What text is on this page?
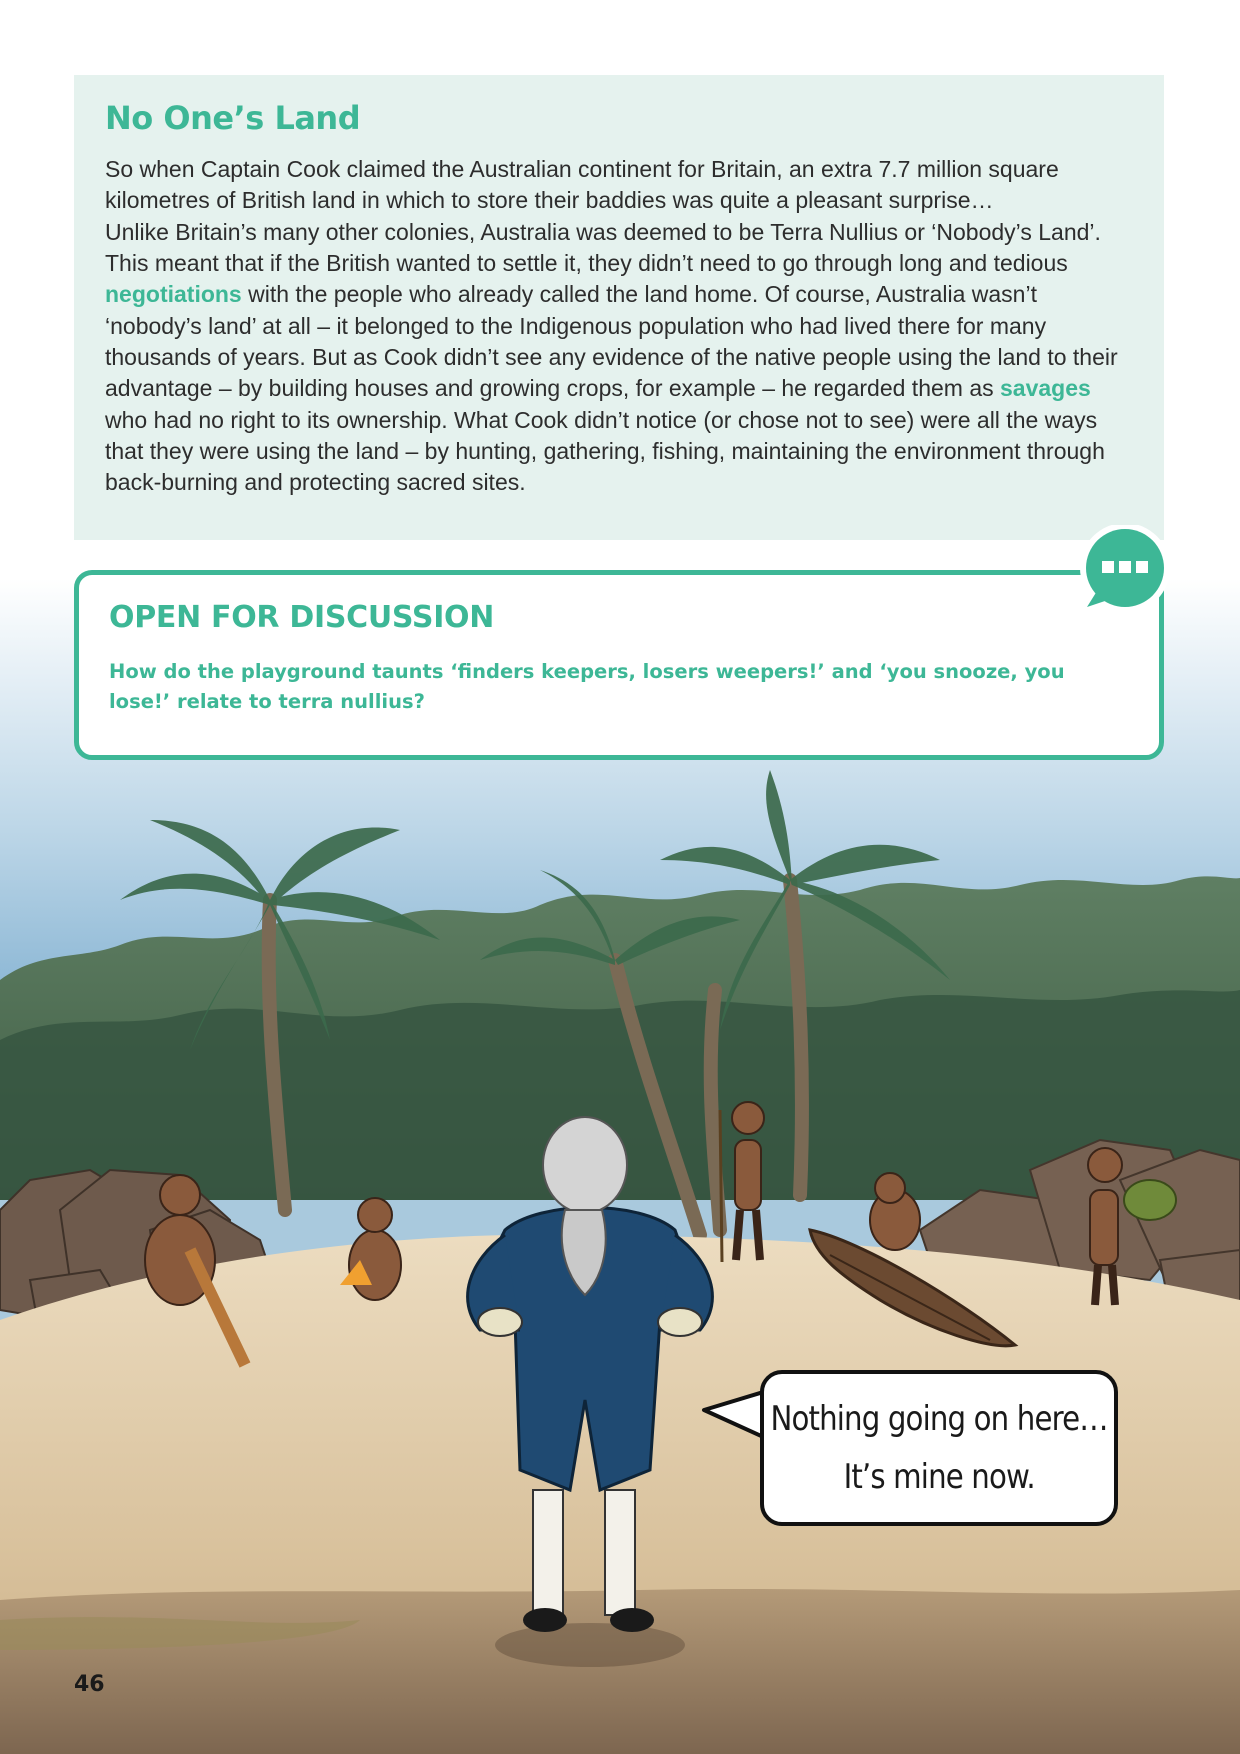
No One’s Land

So when Captain Cook claimed the Australian continent for Britain, an extra 7.7 million square kilometres of British land in which to store their baddies was quite a pleasant surprise…
Unlike Britain’s many other colonies, Australia was deemed to be Terra Nullius or ‘Nobody’s Land’. This meant that if the British wanted to settle it, they didn’t need to go through long and tedious negotiations with the people who already called the land home. Of course, Australia wasn’t ‘nobody’s land’ at all – it belonged to the Indigenous population who had lived there for many thousands of years. But as Cook didn’t see any evidence of the native people using the land to their advantage – by building houses and growing crops, for example – he regarded them as savages who had no right to its ownership. What Cook didn’t notice (or chose not to see) were all the ways that they were using the land – by hunting, gathering, fishing, maintaining the environment through back-burning and protecting sacred sites.

OPEN FOR DISCUSSION

How do the playground taunts ‘finders keepers, losers weepers!’ and ‘you snooze, you lose!’ relate to terra nullius?

Nothing going on here…
It’s mine now.
46
